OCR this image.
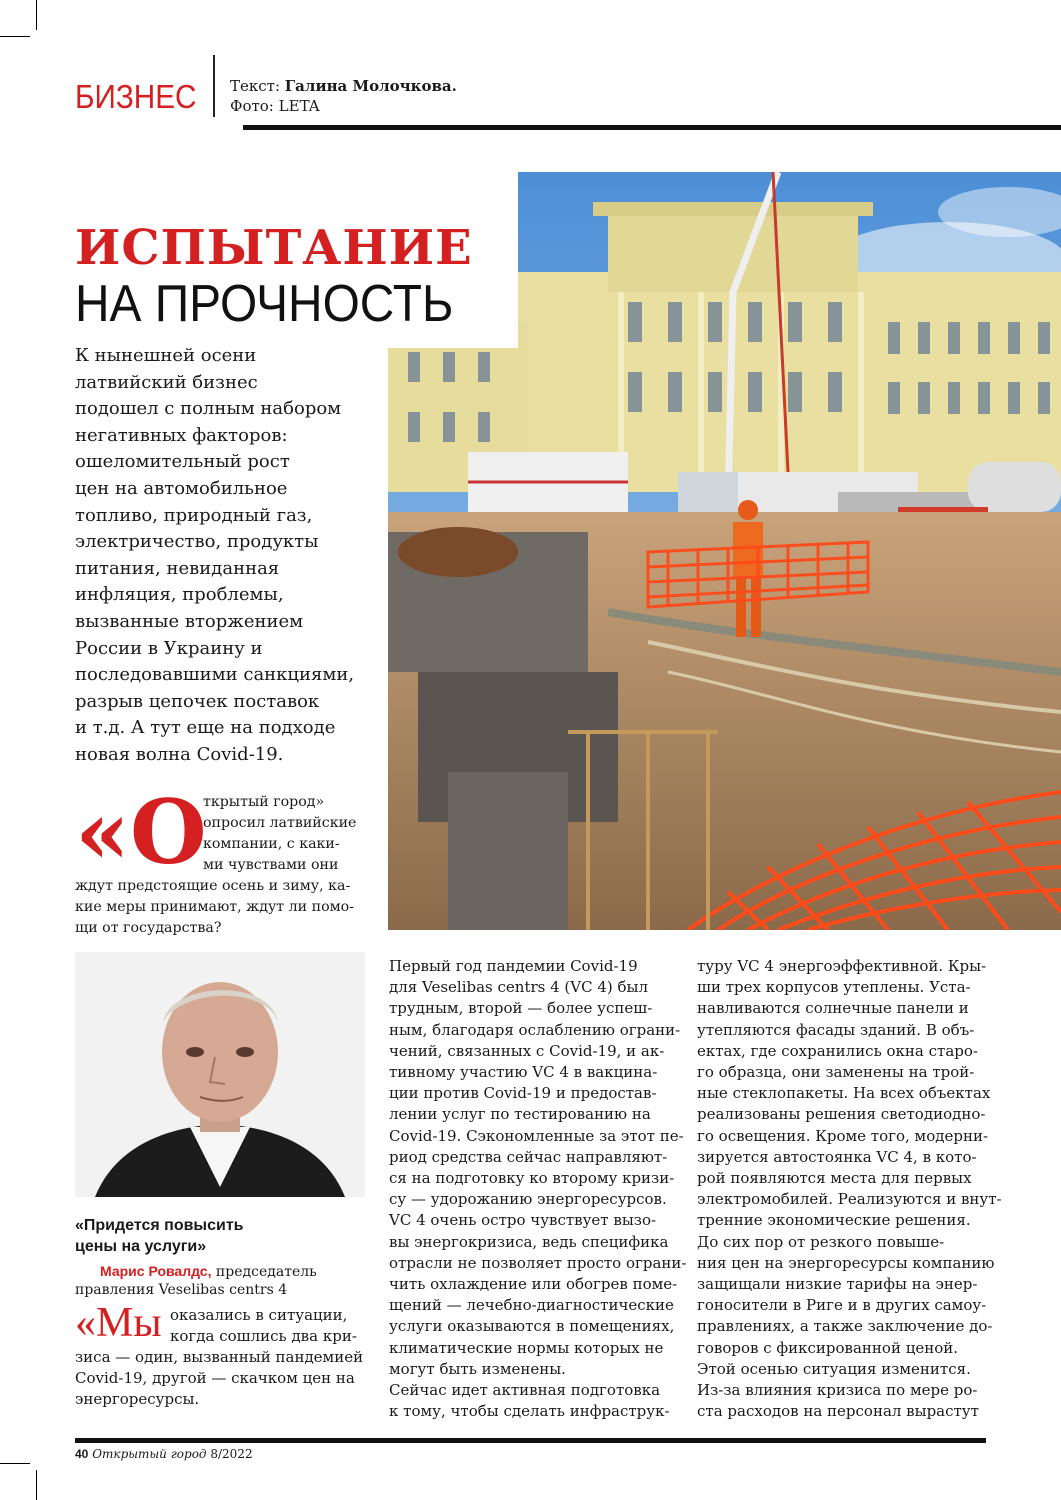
БИЗНЕС Текст: Галина Молочкова.
Фото: LETA
ИСПЫТАНИЕ
НА ПРОЧНОСТЬ
К нынешней осени
латвийский бизнес
подошел с полным набором
негативных факторов:
ошеломительный рост
цен на автомобильное
топливо, природный газ,
электричество, продукты
питания, невиданная
инфляция, проблемы,
вызванные вторжением
России в Украину и
последовавшими санкциями,
разрыв цепочек поставок
и т.д. А тут еще на подходе
новая волна Covid-19.
«О
ткрытый город»
опросил латвийские
компании, с каки-
ми чувствами они
ждут предстоящие осень и зиму, ка-
кие меры принимают, ждут ли помо-
щи от государства?
«Придется повысить
цены на услуги»
Марис Ровалдс, председатель
правления Veselibas centrs 4
«Мы оказались в ситуации,
когда сошлись два кри-
зиса — один, вызванный пандемией
Covid-19, другой — скачком цен на
энергоресурсы.
Первый год пандемии Covid-19
для Veselibas centrs 4 (VC 4) был
трудным, второй — более успеш-
ным, благодаря ослаблению ограни-
чений, связанных с Covid-19, и ак-
тивному участию VC 4 в вакцина-
ции против Covid-19 и предостав-
лении услуг по тестированию на
Covid-19. Сэкономленные за этот пе-
риод средства сейчас направляют-
ся на подготовку ко второму кризи-
су — удорожанию энергоресурсов.
VC 4 очень остро чувствует вызо-
вы энергокризиса, ведь специфика
отрасли не позволяет просто ограни-
чить охлаждение или обогрев поме-
щений — лечебно-диагностические
услуги оказываются в помещениях,
климатические нормы которых не
могут быть изменены.
Сейчас идет активная подготовка
к тому, чтобы сделать инфраструк-
туру VC 4 энергоэффективной. Кры-
ши трех корпусов утеплены. Уста-
навливаются солнечные панели и
утепляются фасады зданий. В объ-
ектах, где сохранились окна старо-
го образца, они заменены на трой-
ные стеклопакеты. На всех объектах
реализованы решения светодиодно-
го освещения. Кроме того, модерни-
зируется автостоянка VC 4, в кото-
рой появляются места для первых
электромобилей. Реализуются и внут-
тренние экономические решения.
До сих пор от резкого повыше-
ния цен на энергоресурсы компанию
защищали низкие тарифы на энер-
гоносители в Риге и в других самоу-
правлениях, а также заключение до-
говоров с фиксированной ценой.
Этой осенью ситуация изменится.
Из-за влияния кризиса по мере ро-
ста расходов на персонал вырастут
40 Открытый город 8/2022
